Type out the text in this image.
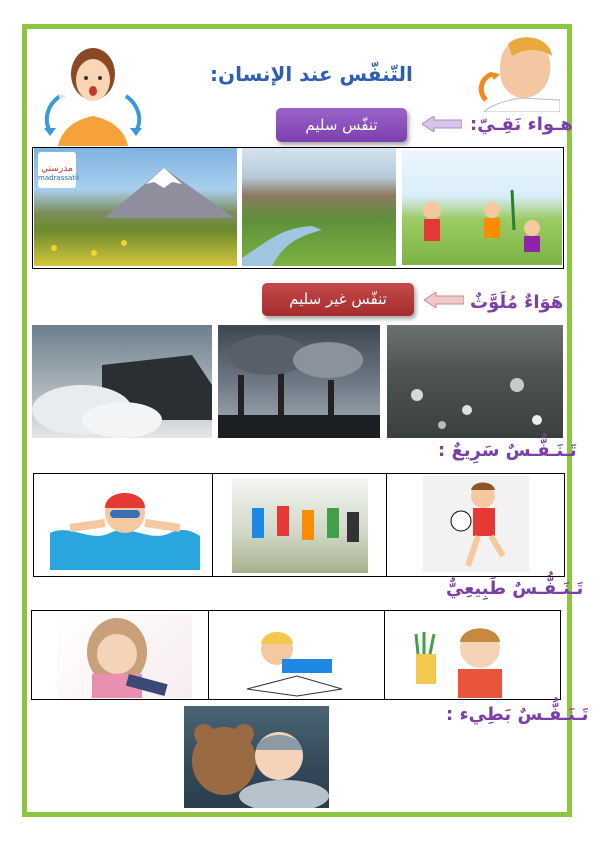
التّنفّس عند الإنسان:
هـواء نَقِـيّ:
تنفّس سليم
مدرستي
madrassatii
هَوَاءٌ مُلَوَّثٌ
تنفّس غير سليم
تَـنَـفُّـسٌ سَرِيعٌ :
تَـنَـفُّـسٌ طَبِيعِيٌّ
تَـنَـفُّـسٌ بَطِيء :
